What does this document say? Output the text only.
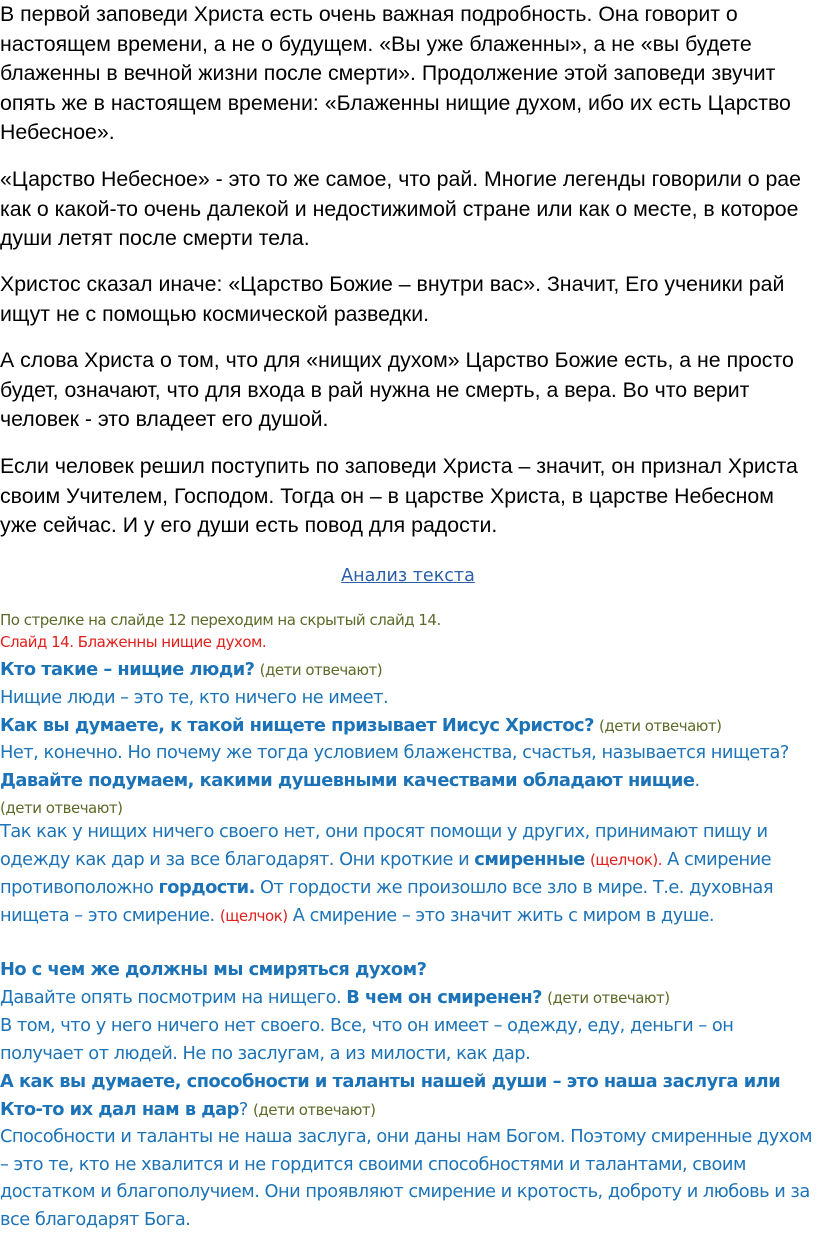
В первой заповеди Христа есть очень важная подробность. Она говорит о настоящем времени, а не о будущем. «Вы уже блаженны», а не «вы будете блаженны в вечной жизни после смерти». Продолжение этой заповеди звучит опять же в настоящем времени: «Блаженны нищие духом, ибо их есть Царство Небесное».

«Царство Небесное» - это то же самое, что рай. Многие легенды говорили о рае как о какой-то очень далекой и недостижимой стране или как о месте, в которое души летят после смерти тела.

Христос сказал иначе: «Царство Божие – внутри вас». Значит, Его ученики рай ищут не с помощью космической разведки.

А слова Христа о том, что для «нищих духом» Царство Божие есть, а не просто будет, означают, что для входа в рай нужна не смерть, а вера. Во что верит человек - это владеет его душой.

Если человек решил поступить по заповеди Христа – значит, он признал Христа своим Учителем, Господом. Тогда он – в царстве Христа, в царстве Небесном уже сейчас. И у его души есть повод для радости.

Анализ текста

По стрелке на слайде 12 переходим на скрытый слайд 14.

Слайд 14. Блаженны нищие духом.

Кто такие – нищие люди? (дети отвечают)

Нищие люди – это те, кто ничего не имеет.

Как вы думаете, к такой нищете призывает Иисус Христос? (дети отвечают)

Нет, конечно. Но почему же тогда условием блаженства, счастья, называется нищета? Давайте подумаем, какими душевными качествами обладают нищие.
(дети отвечают)

Так как у нищих ничего своего нет, они просят помощи у других, принимают пищу и одежду как дар и за все благодарят. Они кроткие и смиренные (щелчок). А смирение противоположно гордости. От гордости же произошло все зло в мире. Т.е. духовная нищета – это смирение. (щелчок) А смирение – это значит жить с миром в душе.

Но с чем же должны мы смиряться духом?

Давайте опять посмотрим на нищего. В чем он смиренен? (дети отвечают)

В том, что у него ничего нет своего. Все, что он имеет – одежду, еду, деньги – он получает от людей. Не по заслугам, а из милости, как дар.

А как вы думаете, способности и таланты нашей души – это наша заслуга или Кто-то их дал нам в дар? (дети отвечают)

Способности и таланты не наша заслуга, они даны нам Богом. Поэтому смиренные духом – это те, кто не хвалится и не гордится своими способностями и талантами, своим достатком и благополучием. Они проявляют смирение и кротость, доброту и любовь и за все благодарят Бога.
